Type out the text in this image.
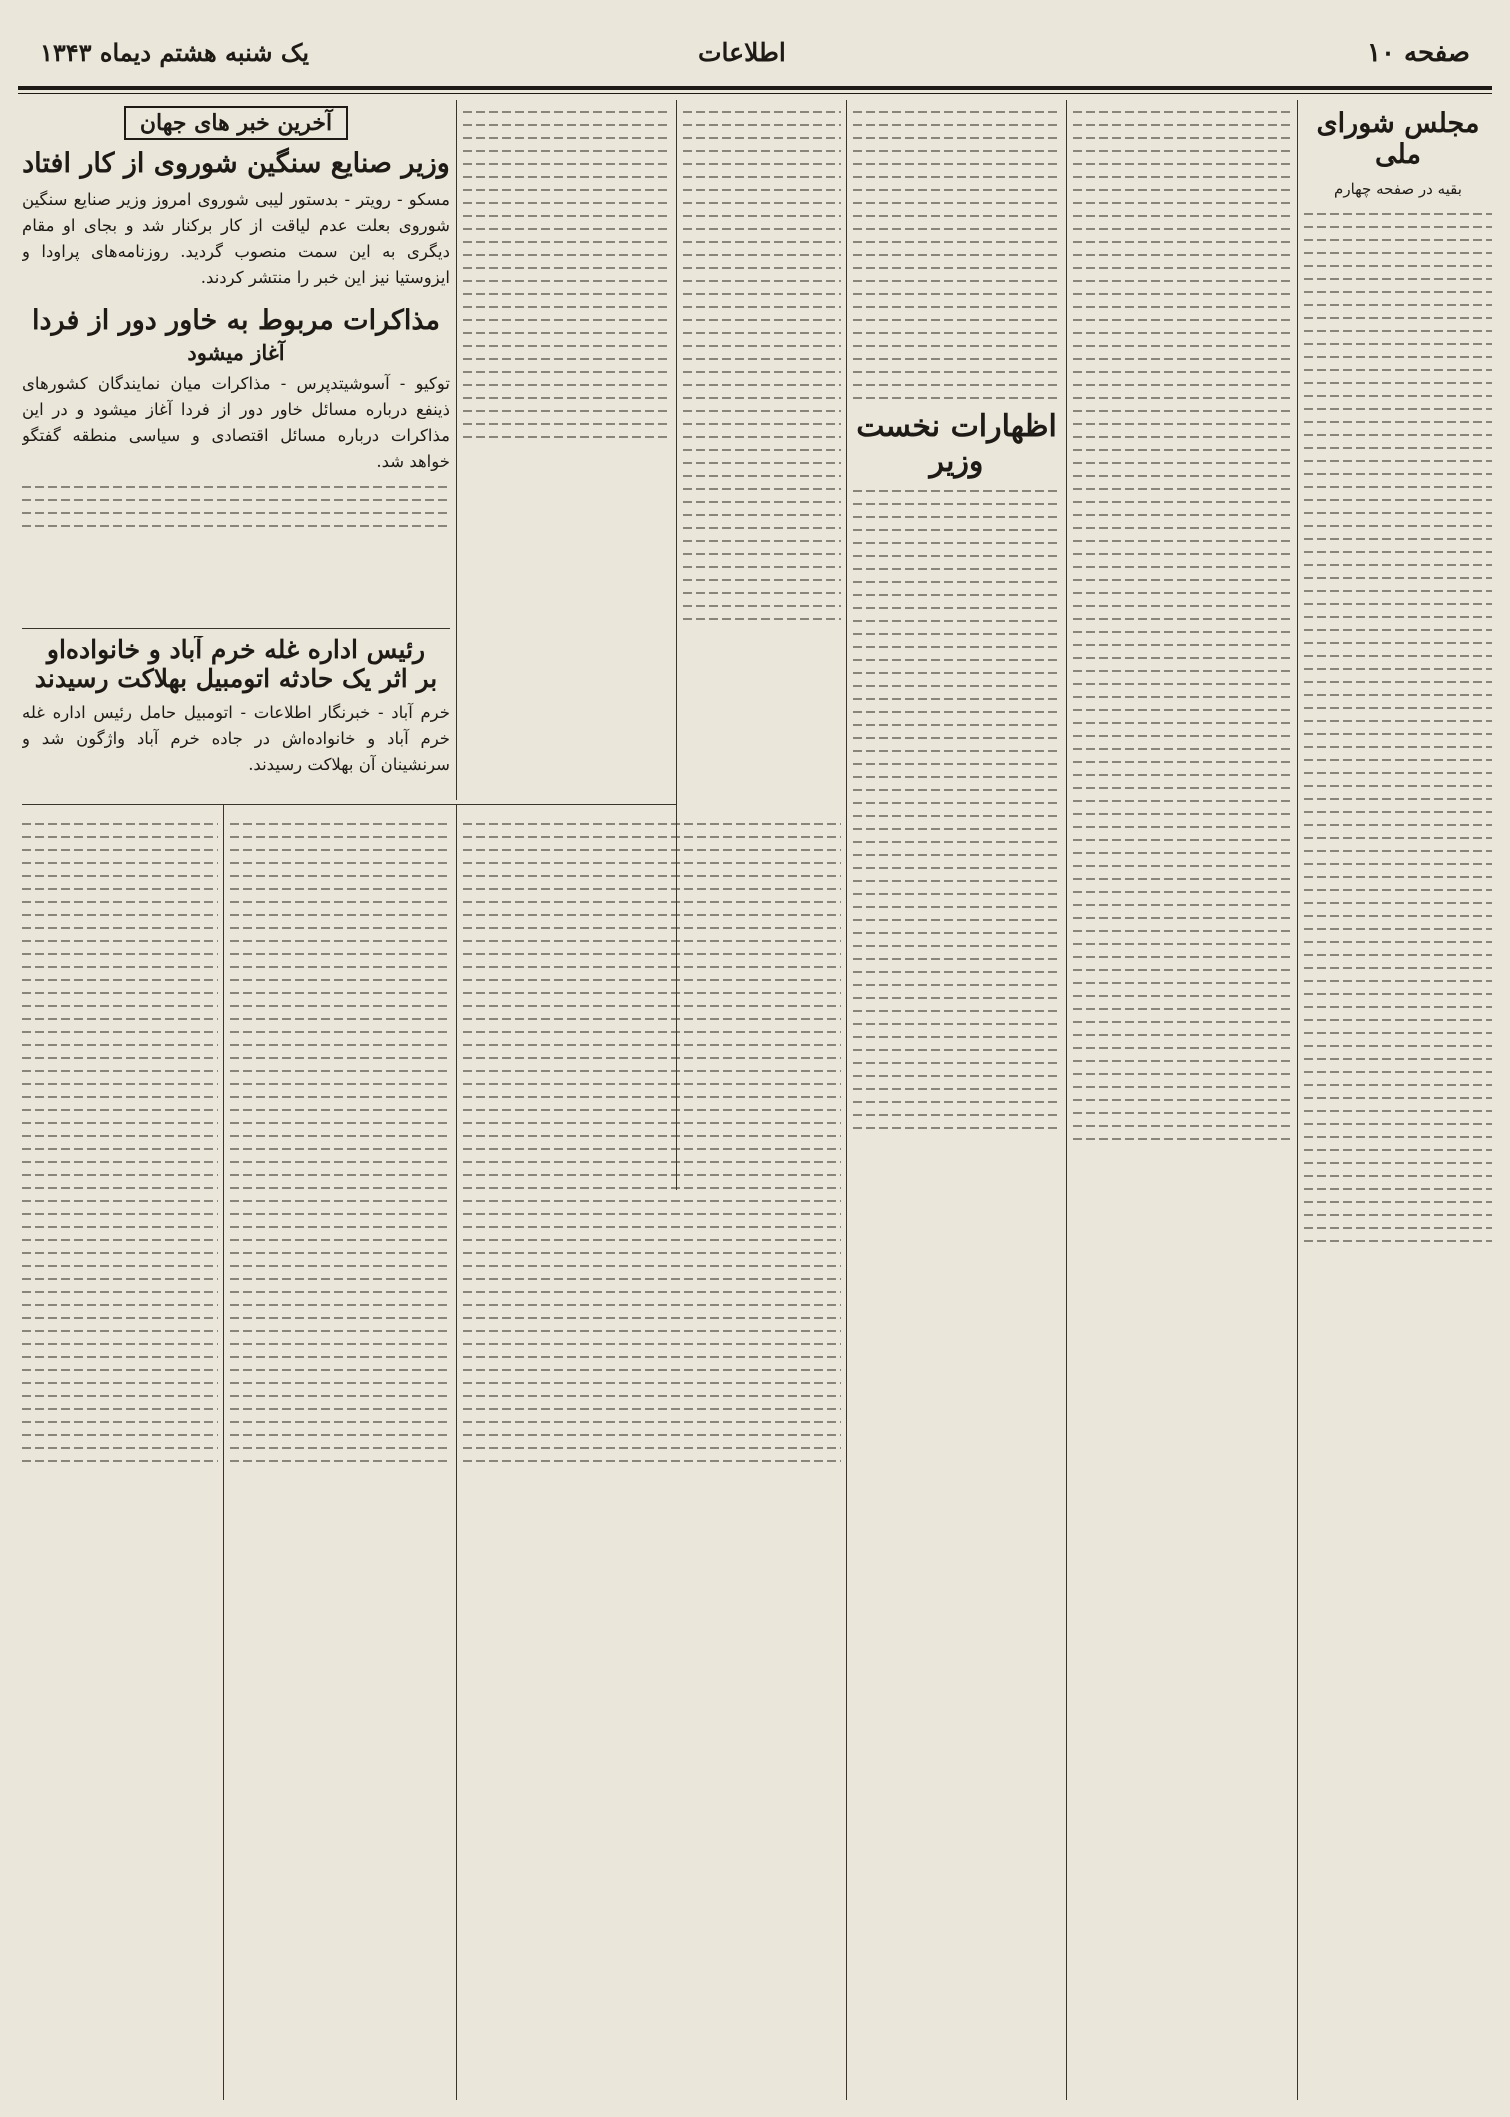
صفحه ۱۰
اطلاعات
یک شنبه هشتم دیماه ۱۳۴۳
مجلس شورای ملی
بقیه در صفحه چهارم
اظهارات نخست وزیر
آخرین خبر های جهان
وزیر صنایع سنگین شوروی از کار افتاد
مسکو - رویتر - بدستور لیبی شوروی امروز وزیر صنایع سنگین شوروی بعلت عدم لیاقت از کار برکنار شد و بجای او مقام دیگری به این سمت منصوب گردید. روزنامه‌های پراودا و ایزوستیا نیز این خبر را منتشر کردند.
مذاکرات مربوط به خاور دور از فردا
آغاز میشود
توکیو - آسوشیتدپرس - مذاکرات میان نمایندگان کشورهای ذینفع درباره مسائل خاور دور از فردا آغاز میشود و در این مذاکرات درباره مسائل اقتصادی و سیاسی منطقه گفتگو خواهد شد.
رئیس اداره غله خرم آباد و خانواده‌او
بر اثر یک حادثه اتومبیل بهلاکت رسیدند
خرم آباد - خبرنگار اطلاعات - اتومبیل حامل رئیس اداره غله خرم آباد و خانواده‌اش در جاده خرم آباد واژگون شد و سرنشینان آن بهلاکت رسیدند.
